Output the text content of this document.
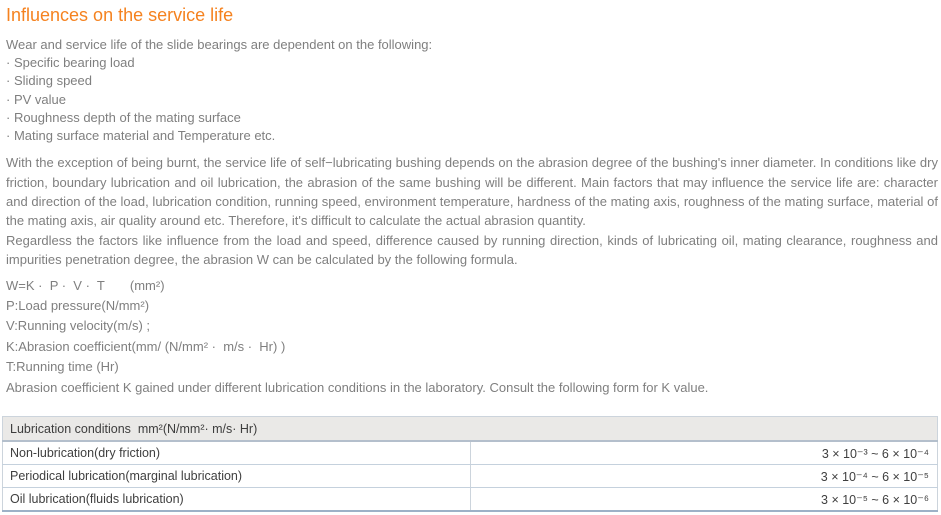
Influences on the service life
Wear and service life of the slide bearings are dependent on the following:
· Specific bearing load
· Sliding speed
· PV value
· Roughness depth of the mating surface
· Mating surface material and Temperature etc.

With the exception of being burnt, the service life of self−lubricating bushing depends on the abrasion degree of the bushing's inner diameter. In conditions like dry friction, boundary lubrication and oil lubrication, the abrasion of the same bushing will be different. Main factors that may influence the service life are: character and direction of the load, lubrication condition, running speed, environment temperature, hardness of the mating axis, roughness of the mating surface, material of the mating axis, air quality around etc. Therefore, it's difficult to calculate the actual abrasion quantity.

Regardless the factors like influence from the load and speed, difference caused by running direction, kinds of lubricating oil, mating clearance, roughness and impurities penetration degree, the abrasion W can be calculated by the following formula.

W=K ·  P ·  V ·  T       (mm²)
P:Load pressure(N/mm²)
V:Running velocity(m/s) ;
K:Abrasion coefficient(mm/ (N/mm² ·  m/s ·  Hr) )
T:Running time (Hr)
Abrasion coefficient K gained under different lubrication conditions in the laboratory. Consult the following form for K value.
Lubrication conditions  mm²(N/mm²· m/s· Hr)	
Non-lubrication(dry friction)	3 × 10⁻³ ~ 6 × 10⁻⁴
Periodical lubrication(marginal lubrication)	3 × 10⁻⁴ ~ 6 × 10⁻⁵
Oil lubrication(fluids lubrication)	3 × 10⁻⁵ ~ 6 × 10⁻⁶
